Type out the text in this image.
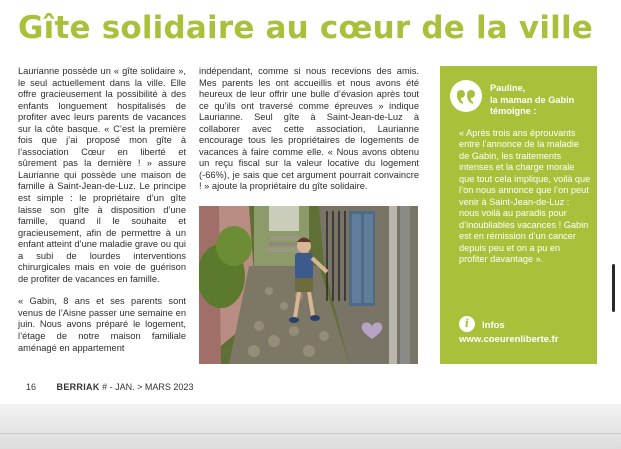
Gîte solidaire au cœur de la ville

Laurianne possède un « gîte solidaire », le seul actuellement dans la ville. Elle offre gracieusement la possibilité à des enfants longuement hospitalisés de profiter avec leurs parents de vacances sur la côte basque. « C’est la première fois que j’ai proposé mon gîte à l’association Cœur en liberté et sûrement pas la dernière ! » assure Laurianne qui possède une maison de famille à Saint-Jean-de-Luz. Le principe est simple : le propriétaire d’un gîte laisse son gîte à disposition d’une famille, quand il le souhaite et gracieusement, afin de permettre à un enfant atteint d’une maladie grave ou qui a subi de lourdes interventions chirurgicales mais en voie de guérison de profiter de vacances en famille.

« Gabin, 8 ans et ses parents sont venus de l’Aisne passer une semaine en juin. Nous avons préparé le logement, l’étage de notre maison familiale aménagé en appartement

indépendant, comme si nous recevions des amis. Mes parents les ont accueillis et nous avons été heureux de leur offrir une bulle d’évasion après tout ce qu’ils ont traversé comme épreuves » indique Laurianne. Seul gîte à Saint-Jean-de-Luz à collaborer avec cette association, Laurianne encourage tous les propriétaires de logements de vacances à faire comme elle. « Nous avons obtenu un reçu fiscal sur la valeur locative du logement (-66%), je sais que cet argument pourrait convaincre ! » ajoute la propriétaire du gîte solidaire.

Pauline,
la maman de Gabin
témoigne :
« Après trois ans éprouvants entre l’annonce de la maladie de Gabin, les traitements intenses et la charge morale que tout cela implique, voilà que l’on nous annonce que l’on peut venir à Saint-Jean-de-Luz : nous voilà au paradis pour d’inoubliables vacances ! Gabin est en rémission d’un cancer depuis peu et on a pu en profiter davantage ».
i	Infos
www.coeurenliberte.fr
16 BERRIAK # - JAN. > MARS 2023
